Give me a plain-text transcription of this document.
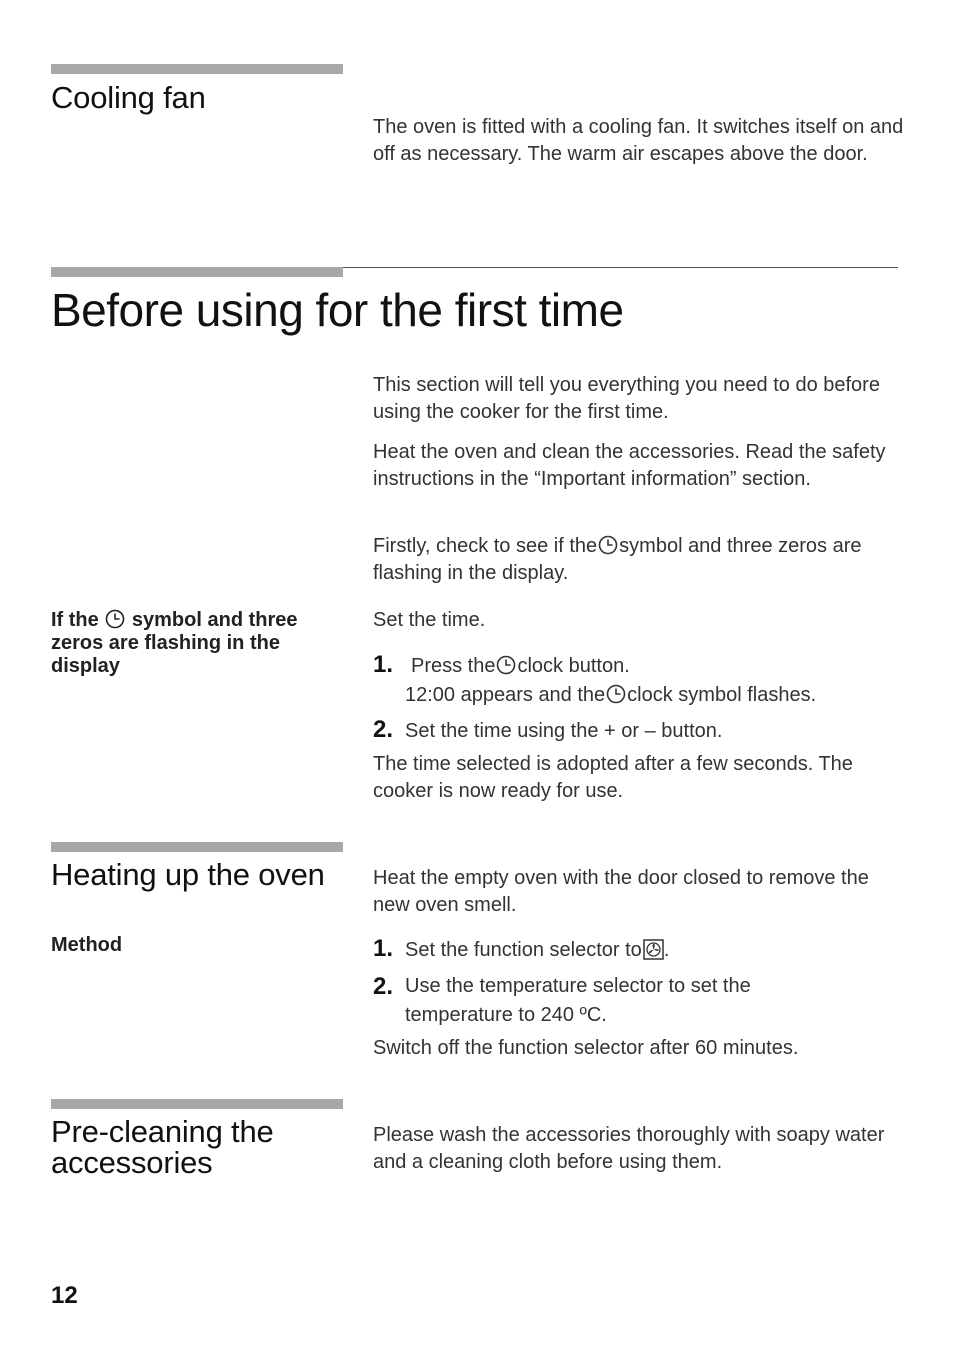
Cooling fan

The oven is fitted with a cooling fan. It switches itself on and off as necessary. The warm air escapes above the door.

Before using for the first time

This section will tell you everything you need to do before using the cooker for the first time.

Heat the oven and clean the accessories. Read the safety instructions in the “Important information” section.

Firstly, check to see if the symbol and three zeros are flashing in the display.

If the symbol and three zeros are flashing in the display

Set the time.

1. Press the clock button.
12:00 appears and the clock symbol flashes.
2. Set the time using the + or – button.

The time selected is adopted after a few seconds. The cooker is now ready for use.

Heating up the oven Heat the empty oven with the door closed to remove the new oven smell.

Method	1. Set the function selector to .
2. Use the temperature selector to set the temperature to 240 ºC.

Switch off the function selector after 60 minutes.

Pre-cleaning the accessories

Please wash the accessories thoroughly with soapy water and a cleaning cloth before using them.

12
